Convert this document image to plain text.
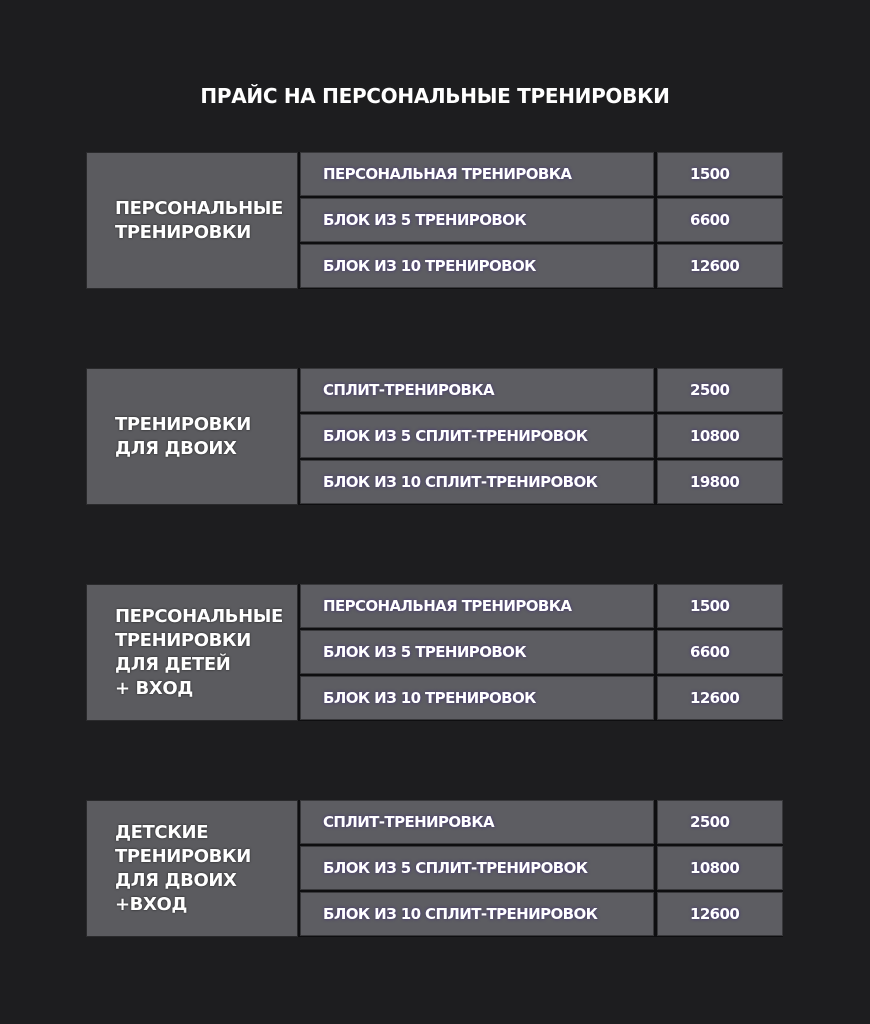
ПРАЙС НА ПЕРСОНАЛЬНЫЕ ТРЕНИРОВКИ
ПЕРСОНАЛЬНЫЕ
ТРЕНИРОВКИ
ПЕРСОНАЛЬНАЯ ТРЕНИРОВКА	1500
БЛОК ИЗ 5 ТРЕНИРОВОК	6600
БЛОК ИЗ 10 ТРЕНИРОВОК	12600
ТРЕНИРОВКИ
ДЛЯ ДВОИХ
СПЛИТ-ТРЕНИРОВКА	2500
БЛОК ИЗ 5 СПЛИТ-ТРЕНИРОВОК	10800
БЛОК ИЗ 10 СПЛИТ-ТРЕНИРОВОК	19800
ПЕРСОНАЛЬНЫЕ
ТРЕНИРОВКИ
ДЛЯ ДЕТЕЙ
+ ВХОД
ПЕРСОНАЛЬНАЯ ТРЕНИРОВКА	1500
БЛОК ИЗ 5 ТРЕНИРОВОК	6600
БЛОК ИЗ 10 ТРЕНИРОВОК	12600
ДЕТСКИЕ
ТРЕНИРОВКИ
ДЛЯ ДВОИХ
+ВХОД
СПЛИТ-ТРЕНИРОВКА	2500
БЛОК ИЗ 5 СПЛИТ-ТРЕНИРОВОК	10800
БЛОК ИЗ 10 СПЛИТ-ТРЕНИРОВОК	12600
